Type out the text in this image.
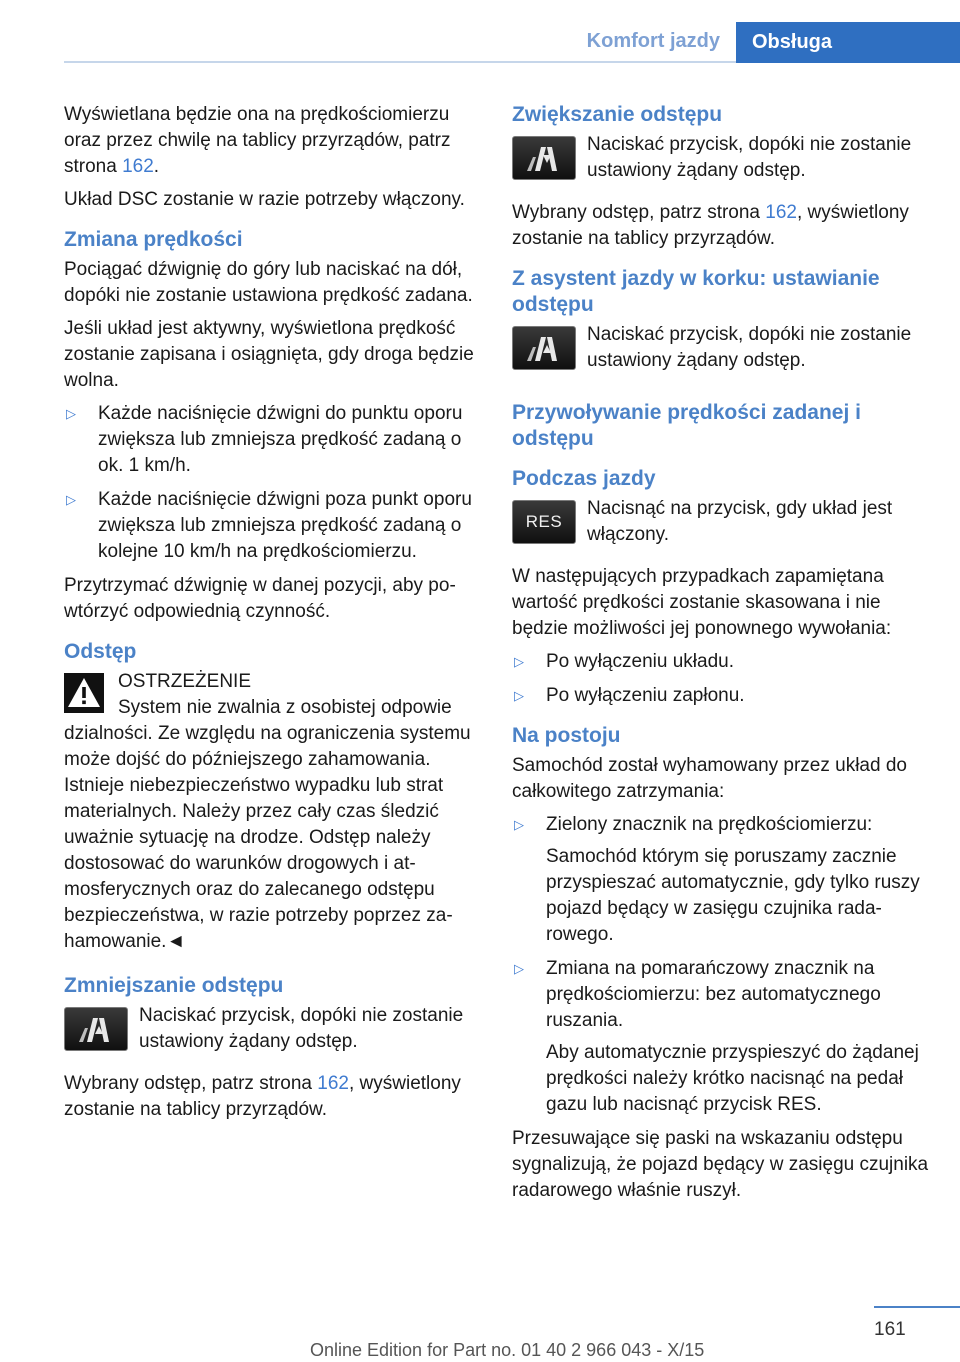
Komfort jazdy	Obsługa

Wyświetlana będzie ona na prędkościomierzu oraz przez chwilę na tablicy przyrządów, patrz strona 162.

Układ DSC zostanie w razie potrzeby włączony.

Zmiana prędkości

Pociągać dźwignię do góry lub naciskać na dół, dopóki nie zostanie ustawiona prędkość zadana.

Jeśli układ jest aktywny, wyświetlona prędkość zostanie zapisana i osiągnięta, gdy droga będzie wolna.

▷ Każde naciśnięcie dźwigni do punktu oporu zwiększa lub zmniejsza prędkość zadaną o ok. 1 km/h.
▷ Każde naciśnięcie dźwigni poza punkt oporu zwiększa lub zmniejsza prędkość zadaną o kolejne 10 km/h na prędkościomierzu.

Przytrzymać dźwignię w danej pozycji, aby powtórzyć odpowiednią czynność.

Odstęp
OSTRZEŻENIE
System nie zwalnia z osobistej odpowie
dzialności. Ze względu na ograniczenia systemu może dojść do późniejszego zahamowania. Istnieje niebezpieczeństwo wypadku lub strat materialnych. Należy przez cały czas śledzić uważnie sytuację na drodze. Odstęp należy dostosować do warunków drogowych i atmosferycznych oraz do zalecanego odstępu bezpieczeństwa, w razie potrzeby poprzez zahamowanie.◄
Zmniejszanie odstępu
Naciskać przycisk, dopóki nie zostanie ustawiony żądany odstęp.

Wybrany odstęp, patrz strona 162, wyświetlony zostanie na tablicy przyrządów.

Zwiększanie odstępu
Naciskać przycisk, dopóki nie zostanie ustawiony żądany odstęp.

Wybrany odstęp, patrz strona 162, wyświetlony zostanie na tablicy przyrządów.

Z asystent jazdy w korku: ustawianie odstępu
Naciskać przycisk, dopóki nie zostanie ustawiony żądany odstęp.
Przywoływanie prędkości zadanej i odstępu
Podczas jazdy
RES
Nacisnąć na przycisk, gdy układ jest włączony.

W następujących przypadkach zapamiętana wartość prędkości zostanie skasowana i nie będzie możliwości jej ponownego wywołania:

▷ Po wyłączeniu układu.
▷ Po wyłączeniu zapłonu.
Na postoju

Samochód został wyhamowany przez układ do całkowitego zatrzymania:

▷ Zielony znacznik na prędkościomierzu:

Samochód którym się poruszamy zacznie przyspieszać automatycznie, gdy tylko ruszy pojazd będący w zasięgu czujnika radarowego.

▷ Zmiana na pomarańczowy znacznik na prędkościomierzu: bez automatycznego ruszania.

Aby automatycznie przyspieszyć do żądanej prędkości należy krótko nacisnąć na pedał gazu lub nacisnąć przycisk RES.

Przesuwające się paski na wskazaniu odstępu sygnalizują, że pojazd będący w zasięgu czujnika radarowego właśnie ruszył.

161
Online Edition for Part no. 01 40 2 966 043 - X/15
